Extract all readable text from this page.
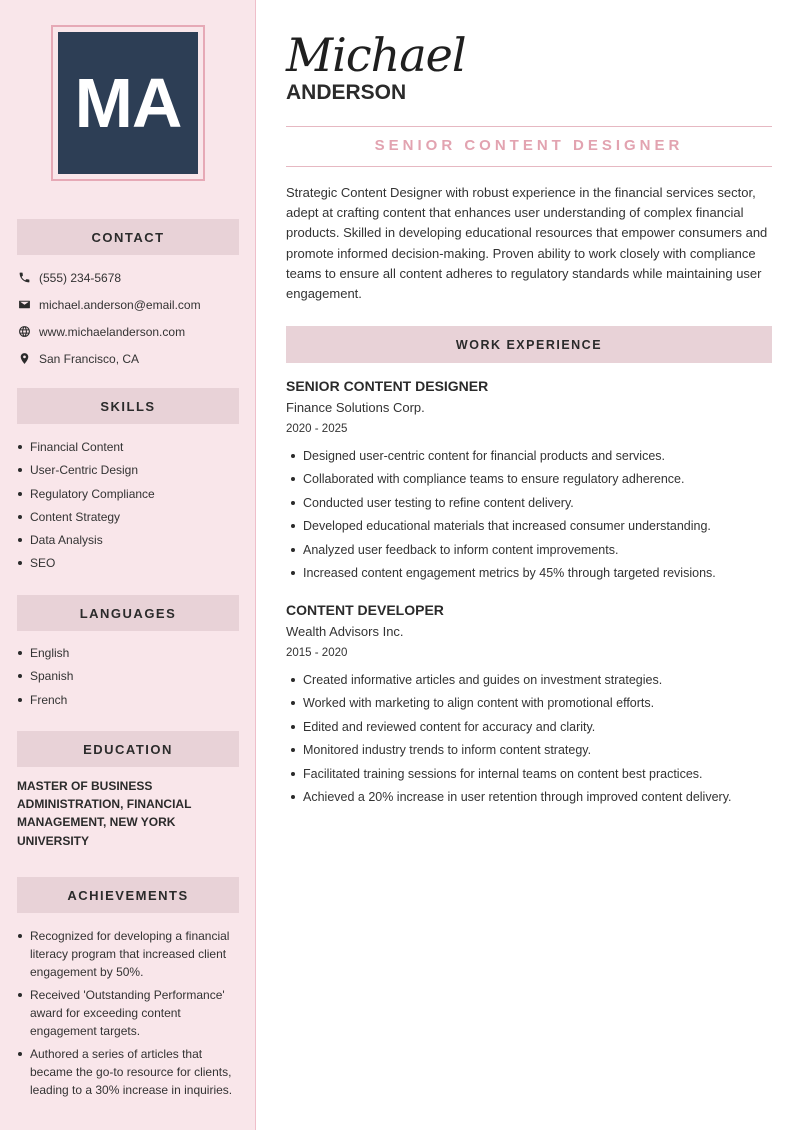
MA
CONTACT
(555) 234-5678
michael.anderson@email.com
www.michaelanderson.com
San Francisco, CA
SKILLS
Financial Content
User-Centric Design
Regulatory Compliance
Content Strategy
Data Analysis
SEO
LANGUAGES
English
Spanish
French
EDUCATION
MASTER OF BUSINESS ADMINISTRATION, FINANCIAL MANAGEMENT, NEW YORK UNIVERSITY
ACHIEVEMENTS
Recognized for developing a financial literacy program that increased client engagement by 50%.
Received 'Outstanding Performance' award for exceeding content engagement targets.
Authored a series of articles that became the go-to resource for clients, leading to a 30% increase in inquiries.
Michael
ANDERSON
SENIOR CONTENT DESIGNER

Strategic Content Designer with robust experience in the financial services sector, adept at crafting content that enhances user understanding of complex financial products. Skilled in developing educational resources that empower consumers and promote informed decision-making. Proven ability to work closely with compliance teams to ensure all content adheres to regulatory standards while maintaining user engagement.

WORK EXPERIENCE
SENIOR CONTENT DESIGNER
Finance Solutions Corp.
2020 - 2025
Designed user-centric content for financial products and services.
Collaborated with compliance teams to ensure regulatory adherence.
Conducted user testing to refine content delivery.
Developed educational materials that increased consumer understanding.
Analyzed user feedback to inform content improvements.
Increased content engagement metrics by 45% through targeted revisions.
CONTENT DEVELOPER
Wealth Advisors Inc.
2015 - 2020
Created informative articles and guides on investment strategies.
Worked with marketing to align content with promotional efforts.
Edited and reviewed content for accuracy and clarity.
Monitored industry trends to inform content strategy.
Facilitated training sessions for internal teams on content best practices.
Achieved a 20% increase in user retention through improved content delivery.
